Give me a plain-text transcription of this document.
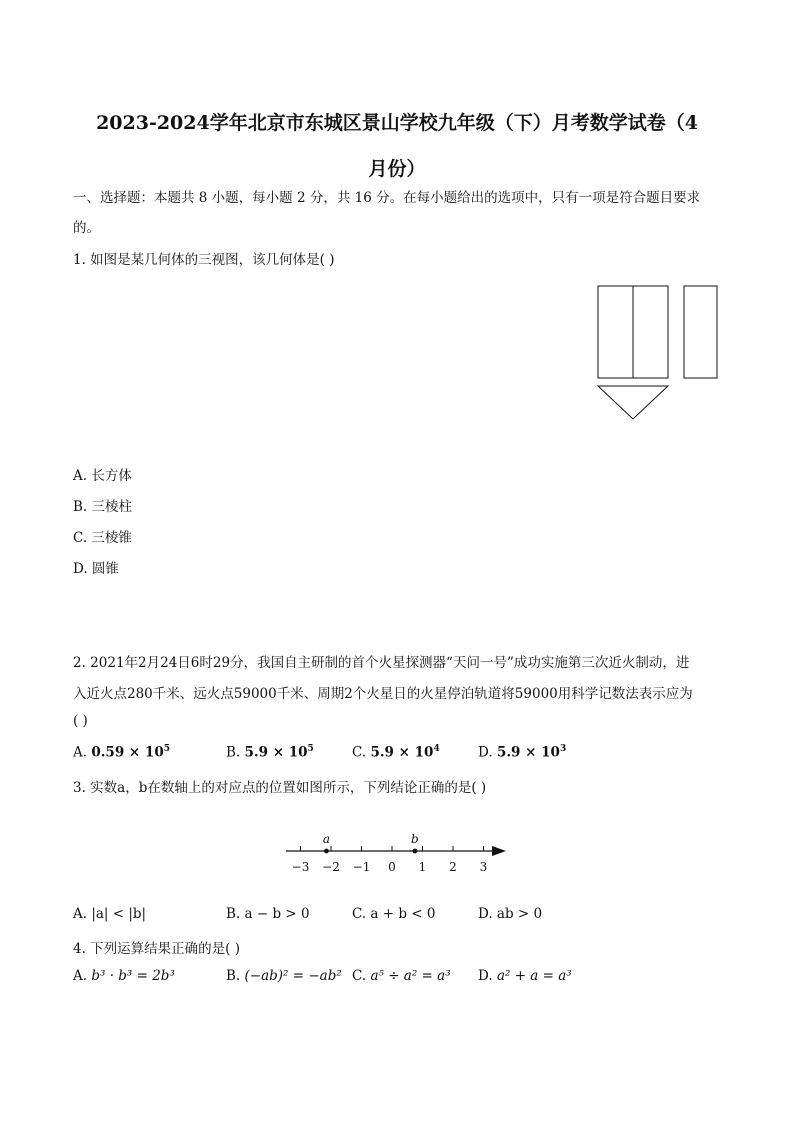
2023-2024学年北京市东城区景山学校九年级（下）月考数学试卷（4
月份）
一、选择题：本题共 8 小题，每小题 2 分，共 16 分。在每小题给出的选项中，只有一项是符合题目要求
的。
1. 如图是某几何体的三视图，该几何体是( )
A. 长方体
B. 三棱柱
C. 三棱锥
D. 圆锥
2. 2021年2月24日6时29分，我国自主研制的首个火星探测器“天问一号”成功实施第三次近火制动，进
入近火点280千米、远火点59000千米、周期2个火星日的火星停泊轨道将59000用科学记数法表示应为
( )
A. $0.59 \times 10^5$	B. $5.9 \times 10^5$	C. $5.9 \times 10^4$	D. $5.9 \times 10^3$
3. 实数a，b在数轴上的对应点的位置如图所示，下列结论正确的是( )
−3 −2 −1 0 1 2 3
a	b
A. |a| < |b|	B. a − b > 0	C. a + b < 0	D. ab > 0
4. 下列运算结果正确的是( )
A. b³ · b³ = 2b³	B. (−ab)² = −ab² C. a⁵ ÷ a² = a³ D. a² + a = a³
